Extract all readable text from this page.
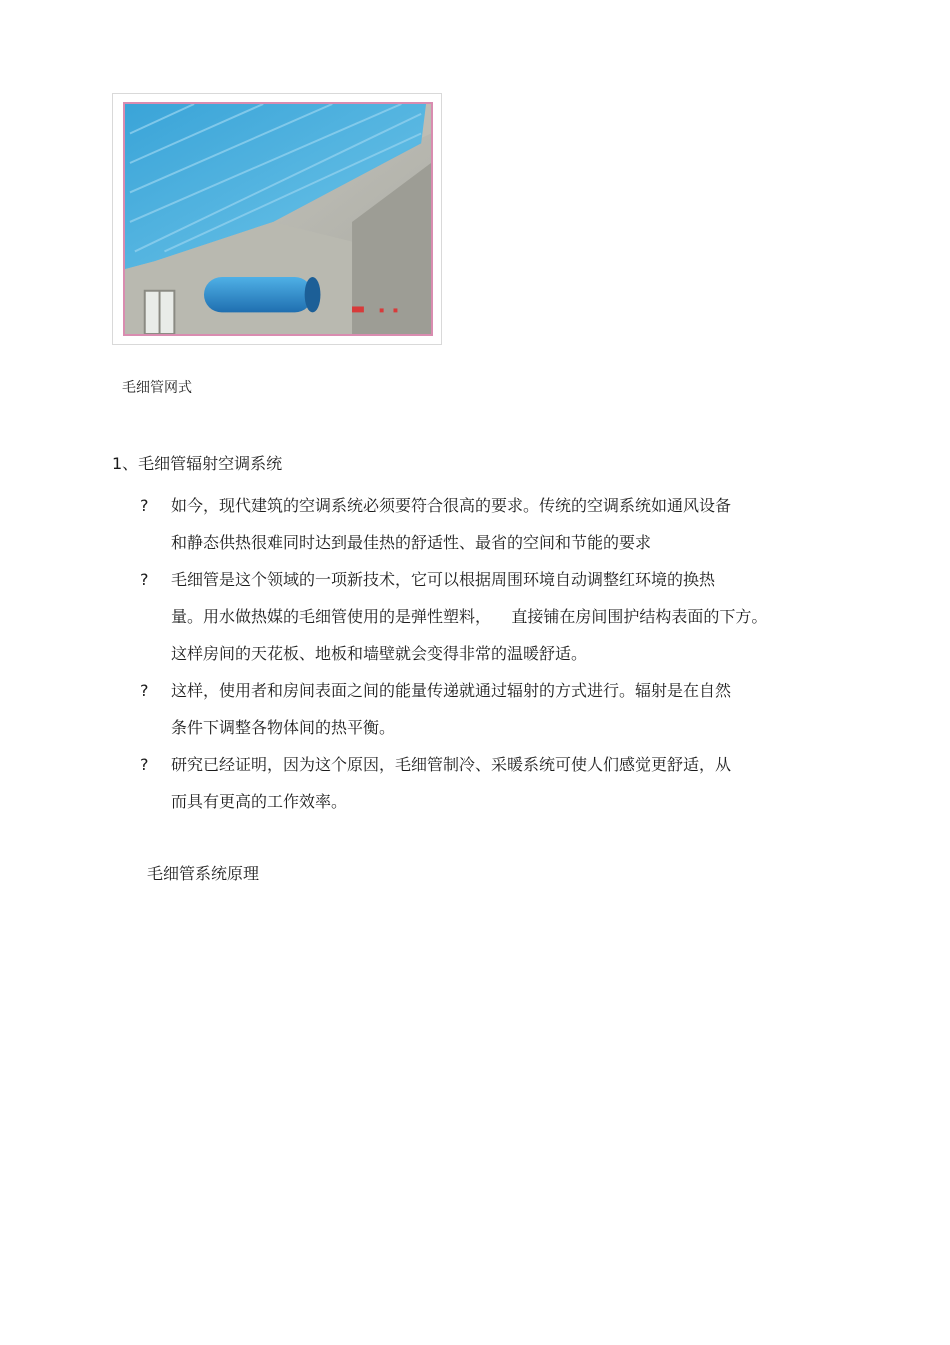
毛细管网式
1、毛细管辐射空调系统
?	如今，现代建筑的空调系统必须要符合很高的要求。传统的空调系统如通风设备
和静态供热很难同时达到最佳热的舒适性、最省的空间和节能的要求
?	毛细管是这个领域的一项新技术，它可以根据周围环境自动调整红环境的换热
量。用水做热媒的毛细管使用的是弹性塑料，    直接铺在房间围护结构表面的下方。
这样房间的天花板、地板和墙壁就会变得非常的温暖舒适。
?	这样，使用者和房间表面之间的能量传递就通过辐射的方式进行。辐射是在自然
条件下调整各物体间的热平衡。
?	研究已经证明，因为这个原因，毛细管制冷、采暖系统可使人们感觉更舒适，从
而具有更高的工作效率。
毛细管系统原理
